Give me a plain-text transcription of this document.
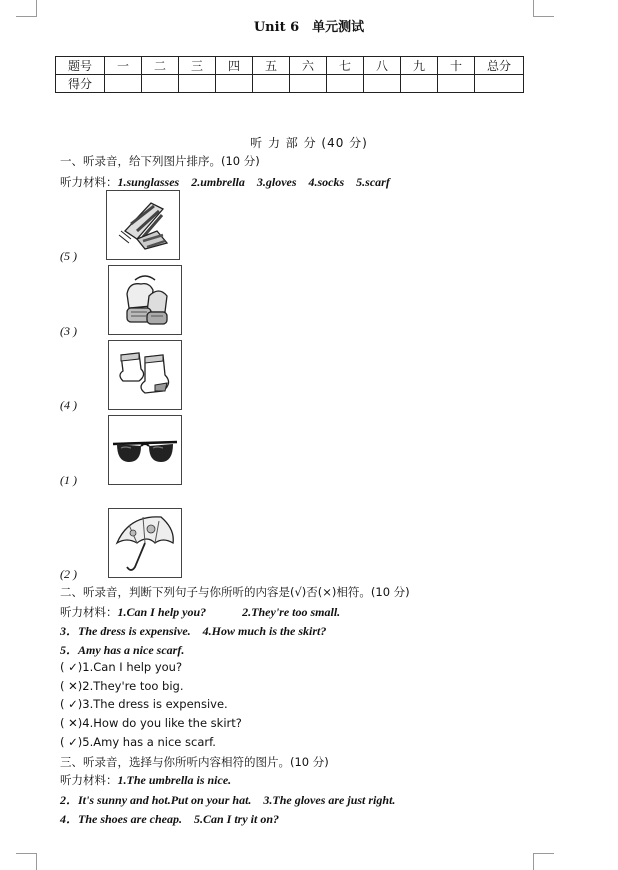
Unit 6　单元测试
题号	一	二	三	四	五	六	七	八	九	十	总分
得分											
听 力 部 分 (40 分)
一、听录音，给下列图片排序。(10 分)
听力材料：1.sunglasses　2.umbrella　3.gloves　4.socks　5.scarf
(5 )
(3 )
(4 )
(1 )
(2 )
二、听录音，判断下列句子与你所听的内容是(√)否(×)相符。(10 分)
听力材料：1.Can I help you?　　　2.They're too small.
3．The dress is expensive.　4.How much is the skirt?
5．Amy has a nice scarf.
( ✓)1.Can I help you?
( ✕)2.They're too big.
( ✓)3.The dress is expensive.
( ✕)4.How do you like the skirt?
( ✓)5.Amy has a nice scarf.
三、听录音，选择与你所听内容相符的图片。(10 分)
听力材料：1.The umbrella is nice.
2．It's sunny and hot.Put on your hat.　3.The gloves are just right.
4．The shoes are cheap.　5.Can I try it on?
